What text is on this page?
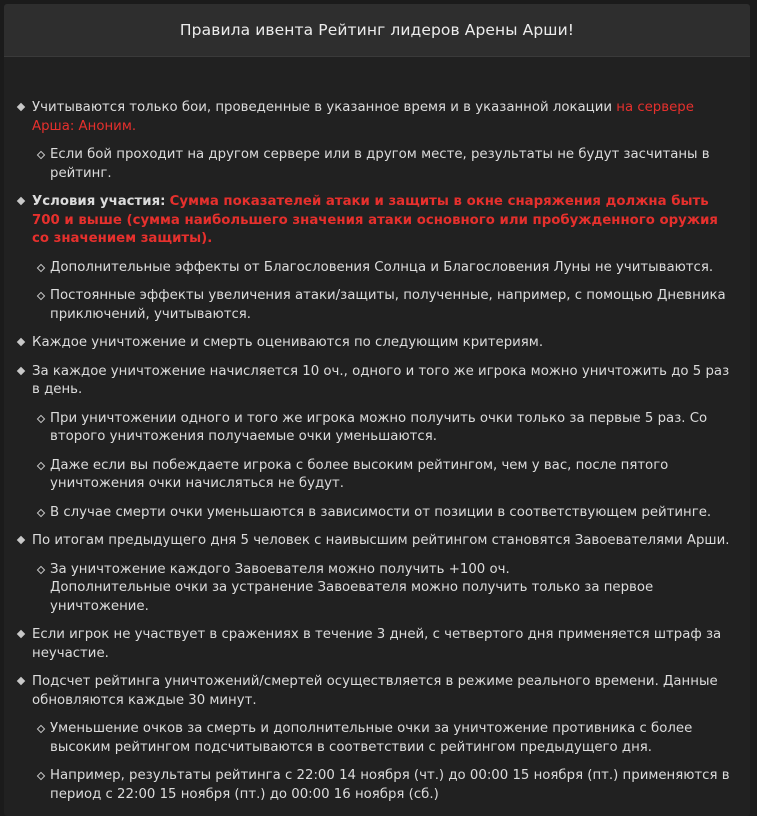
Правила ивента Рейтинг лидеров Арены Арши!
Учитываются только бои, проведенные в указанное время и в указанной локации на сервере Арша: Аноним.
Если бой проходит на другом сервере или в другом месте, результаты не будут засчитаны в рейтинг.
Условия участия: Сумма показателей атаки и защиты в окне снаряжения должна быть 700 и выше (сумма наибольшего значения атаки основного или пробужденного оружия со значением защиты).
Дополнительные эффекты от Благословения Солнца и Благословения Луны не учитываются.
Постоянные эффекты увеличения атаки/защиты, полученные, например, с помощью Дневника приключений, учитываются.
Каждое уничтожение и смерть оцениваются по следующим критериям.
За каждое уничтожение начисляется 10 оч., одного и того же игрока можно уничтожить до 5 раз в день.
При уничтожении одного и того же игрока можно получить очки только за первые 5 раз. Со второго уничтожения получаемые очки уменьшаются.
Даже если вы побеждаете игрока с более высоким рейтингом, чем у вас, после пятого уничтожения очки начисляться не будут.
В случае смерти очки уменьшаются в зависимости от позиции в соответствующем рейтинге.
По итогам предыдущего дня 5 человек с наивысшим рейтингом становятся Завоевателями Арши.
За уничтожение каждого Завоевателя можно получить +100 оч.
Дополнительные очки за устранение Завоевателя можно получить только за первое уничтожение.
Если игрок не участвует в сражениях в течение 3 дней, с четвертого дня применяется штраф за неучастие.
Подсчет рейтинга уничтожений/смертей осуществляется в режиме реального времени. Данные обновляются каждые 30 минут.
Уменьшение очков за смерть и дополнительные очки за уничтожение противника с более высоким рейтингом подсчитываются в соответствии с рейтингом предыдущего дня.
Например, результаты рейтинга с 22:00 14 ноября (чт.) до 00:00 15 ноября (пт.) применяются в период с 22:00 15 ноября (пт.) до 00:00 16 ноября (сб.)
